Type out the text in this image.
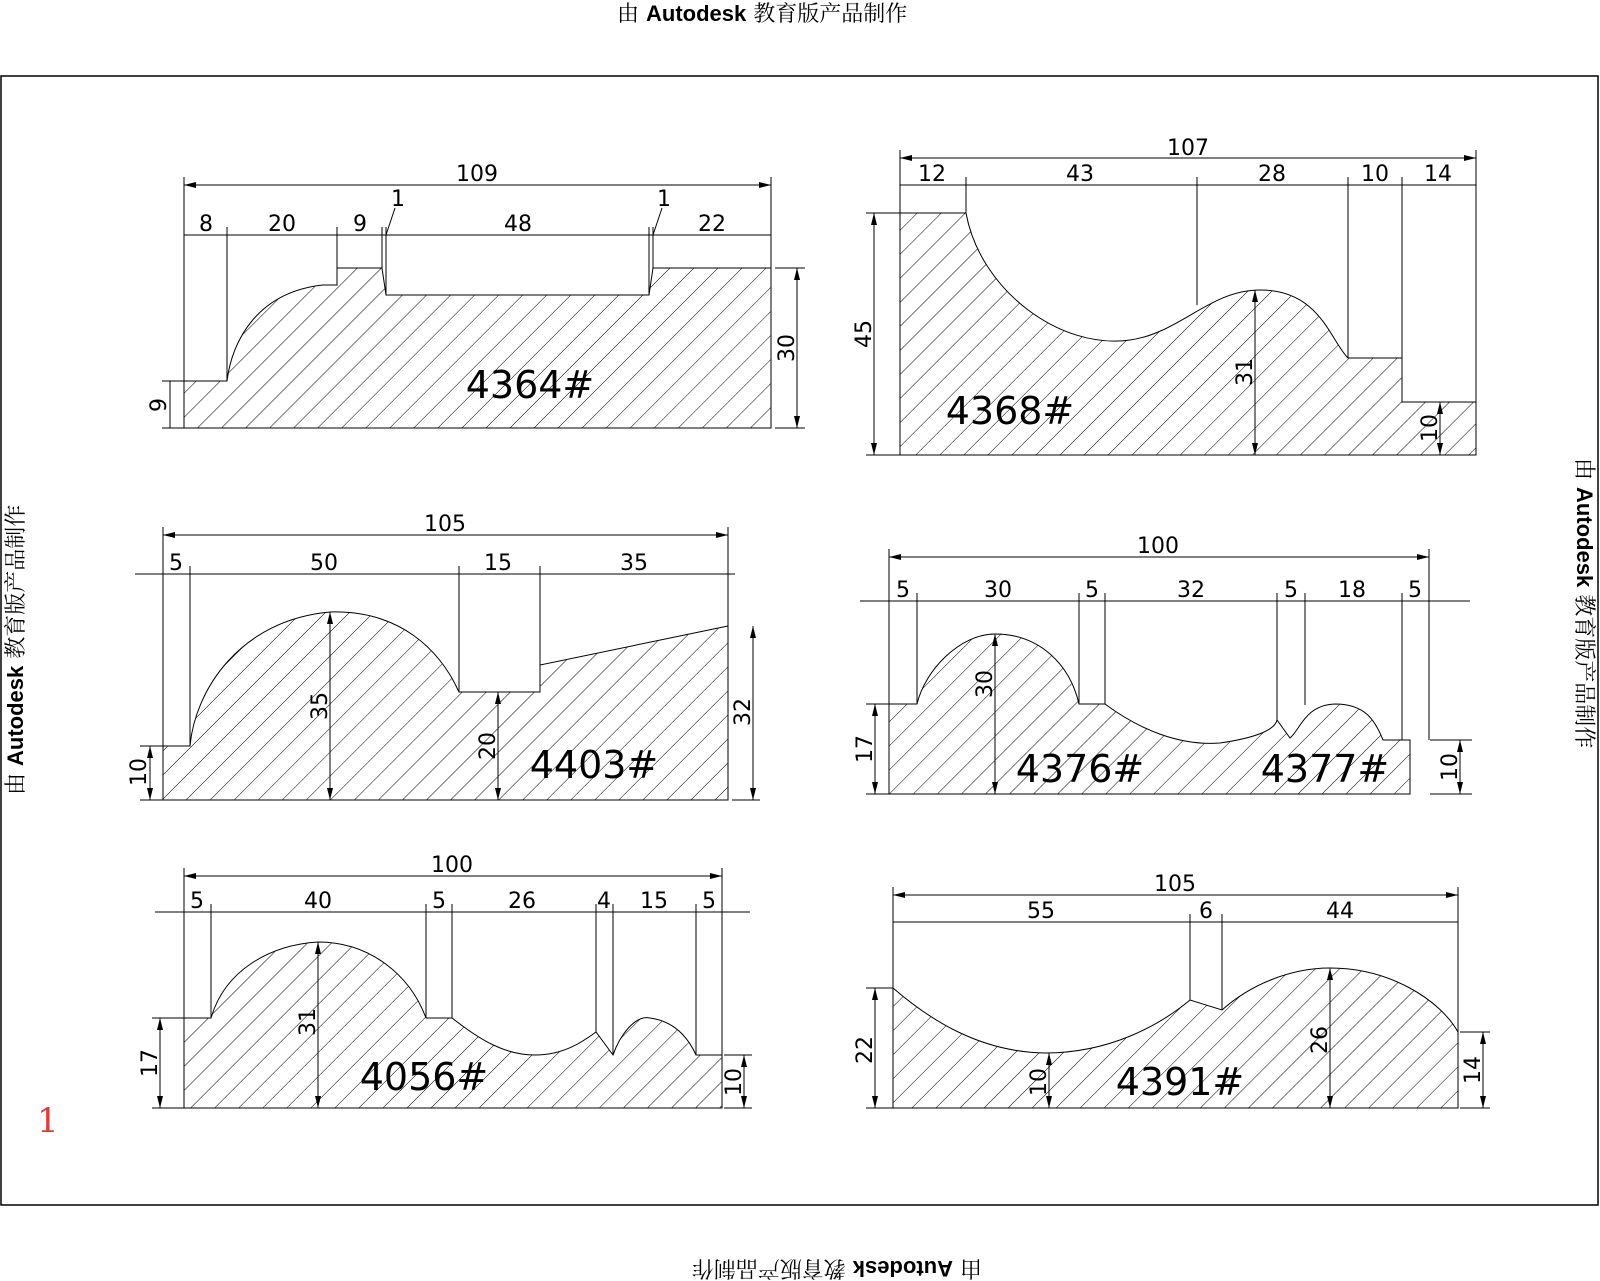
由 Autodesk 教育版产品制作
由 Autodesk 教育版产品制作
由 Autodesk 教育版产品制作
由 Autodesk 教育版产品制作
1
109
8	20	9
1
48
1
22
30
9	4364#
107
12	43	28	10 14
45
31
10
4368#
105
5	50	15	35
10
35
20
32
4403#
100
5	30	5	32	5 18 5
17
30
10
4376#	4377#
100
5	40	5	26	4 15 5
17
31
10
4056#
105
55	6	44
22
10
26
14
4391#
